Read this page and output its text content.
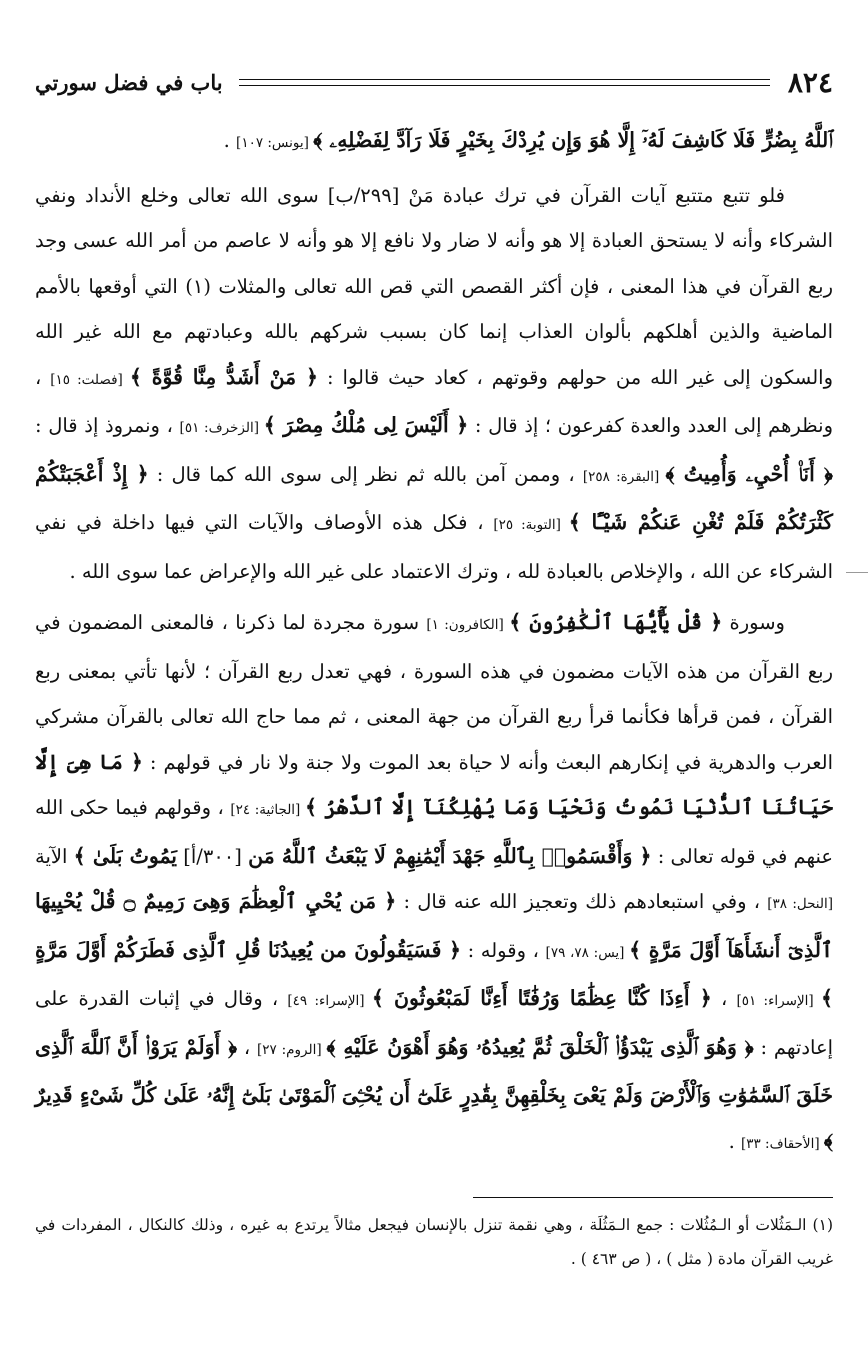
٨٢٤
باب في فضل سورتي

ٱللَّهُ بِضُرٍّ فَلَا كَاشِفَ لَهُۥٓ إِلَّا هُوَ وَإِن يُرِدْكَ بِخَيْرٍ فَلَا رَآدَّ لِفَضْلِهِۦ ﴾ [يونس: ١٠٧] .

فلو تتبع متتبع آيات القرآن في ترك عبادة مَنْ [٢٩٩/ب] سوى الله تعالى وخلع الأنداد ونفي الشركاء وأنه لا يستحق العبادة إلا هو وأنه لا ضار ولا نافع إلا هو وأنه لا عاصم من أمر الله عسى وجد ربع القرآن في هذا المعنى ، فإن أكثر القصص التي قص الله تعالى والمثلات (١) التي أوقعها بالأمم الماضية والذين أهلكهم بألوان العذاب إنما كان بسبب شركهم بالله وعبادتهم مع الله غير الله والسكون إلى غير الله من حولهم وقوتهم ، كعاد حيث قالوا : ﴿ مَنْ أَشَدُّ مِنَّا قُوَّةً ﴾ [فصلت: ١٥] ، ونظرهم إلى العدد والعدة كفرعون ؛ إذ قال : ﴿ أَلَيْسَ لِى مُلْكُ مِصْرَ ﴾ [الزخرف: ٥١] ، ونمروذ إذ قال : ﴿ أَنَا۠ أُحْيِۦ وَأُمِيتُ ﴾ [البقرة: ٢٥٨] ، وممن آمن بالله ثم نظر إلى سوى الله كما قال : ﴿ إِذْ أَعْجَبَتْكُمْ كَثْرَتُكُمْ فَلَمْ تُغْنِ عَنكُمْ شَيْـًٔا ﴾ [التوبة: ٢٥] ، فكل هذه الأوصاف والآيات التي فيها داخلة في نفي الشركاء عن الله ، والإخلاص بالعبادة لله ، وترك الاعتماد على غير الله والإعراض عما سوى الله .

وسورة ﴿ قُلْ يَٰٓأَيُّهَا ٱلْكَٰفِرُونَ ﴾ [الكافرون: ١] سورة مجردة لما ذكرنا ، فالمعنى المضمون في ربع القرآن من هذه الآيات مضمون في هذه السورة ، فهي تعدل ربع القرآن ؛ لأنها تأتي بمعنى ربع القرآن ، فمن قرأها فكأنما قرأ ربع القرآن من جهة المعنى ، ثم مما حاج الله تعالى بالقرآن مشركي العرب والدهرية في إنكارهم البعث وأنه لا حياة بعد الموت ولا جنة ولا نار في قولهم : ﴿ مَا هِىَ إِلَّا حَيَاتُنَا ٱلدُّنْيَا نَمُوتُ وَنَحْيَا وَمَا يُهْلِكُنَآ إِلَّا ٱلدَّهْرُ ﴾ [الجاثية: ٢٤] ، وقولهم فيما حكى الله عنهم في قوله تعالى : ﴿ وَأَقْسَمُوا۟ بِٱللَّهِ جَهْدَ أَيْمَٰنِهِمْ لَا يَبْعَثُ ٱللَّهُ مَن [٣٠٠/أ] يَمُوتُ بَلَىٰ ﴾ الآية [النحل: ٣٨] ، وفي استبعادهم ذلك وتعجيز الله عنه قال : ﴿ مَن يُحْيِ ٱلْعِظَٰمَ وَهِىَ رَمِيمٌ ۝ قُلْ يُحْيِيهَا ٱلَّذِىٓ أَنشَأَهَآ أَوَّلَ مَرَّةٍ ﴾ [يس: ٧٨، ٧٩] ، وقوله : ﴿ فَسَيَقُولُونَ من يُعِيدُنَا قُلِ ٱلَّذِى فَطَرَكُمْ أَوَّلَ مَرَّةٍ ﴾ [الإسراء: ٥١] ، ﴿ أَءِذَا كُنَّا عِظَٰمًا وَرُفَٰتًا أَءِنَّا لَمَبْعُوثُونَ ﴾ [الإسراء: ٤٩] ، وقال في إثبات القدرة على إعادتهم : ﴿ وَهُوَ ٱلَّذِى يَبْدَؤُا۟ ٱلْخَلْقَ ثُمَّ يُعِيدُهُۥ وَهُوَ أَهْوَنُ عَلَيْهِ ﴾ [الروم: ٢٧] ، ﴿ أَوَلَمْ يَرَوْا۟ أَنَّ ٱللَّهَ ٱلَّذِى خَلَقَ ٱلسَّمَٰوَٰتِ وَٱلْأَرْضَ وَلَمْ يَعْىَ بِخَلْقِهِنَّ بِقَٰدِرٍ عَلَىٰٓ أَن يُحْـِۧىَ ٱلْمَوْتَىٰ بَلَىٰٓ إِنَّهُۥ عَلَىٰ كُلِّ شَىْءٍ قَدِيرٌ ﴾ [الأحقاف: ٣٣] .

(١) الـمَثُلات أو الـمُثُلات : جمع الـمَثُلَة ، وهي نقمة تنزل بالإنسان فيجعل مثالاً يرتدع به غيره ، وذلك كالنكال ، المفردات في غريب القرآن مادة ( مثل ) ، ( ص ٤٦٣ ) .
